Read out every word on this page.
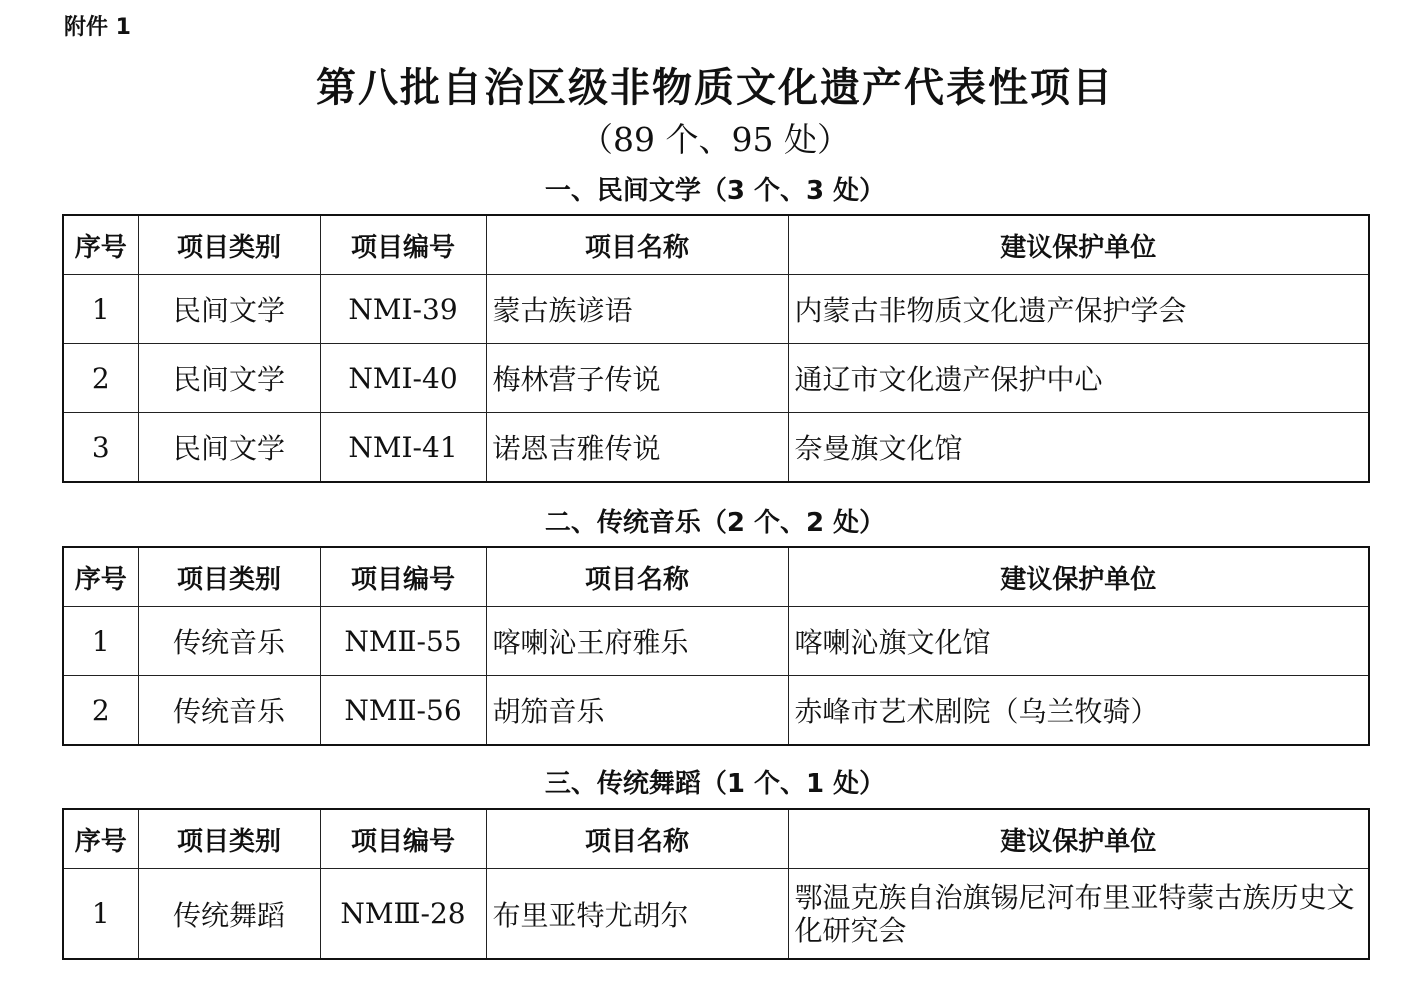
附件 1
第八批自治区级非物质文化遗产代表性项目
（89 个、95 处）
一、民间文学（3 个、3 处）
序号	项目类别	项目编号	项目名称	建议保护单位
1	民间文学	NMⅠ-39	蒙古族谚语	内蒙古非物质文化遗产保护学会
2	民间文学	NMⅠ-40	梅林营子传说	通辽市文化遗产保护中心
3	民间文学	NMⅠ-41	诺恩吉雅传说	奈曼旗文化馆
二、传统音乐（2 个、2 处）
序号	项目类别	项目编号	项目名称	建议保护单位
1	传统音乐	NMⅡ-55	喀喇沁王府雅乐	喀喇沁旗文化馆
2	传统音乐	NMⅡ-56	胡笳音乐	赤峰市艺术剧院（乌兰牧骑）
三、传统舞蹈（1 个、1 处）
序号	项目类别	项目编号	项目名称	建议保护单位
1	传统舞蹈	NMⅢ-28	布里亚特尤胡尔	鄂温克族自治旗锡尼河布里亚特蒙古族历史文化研究会
